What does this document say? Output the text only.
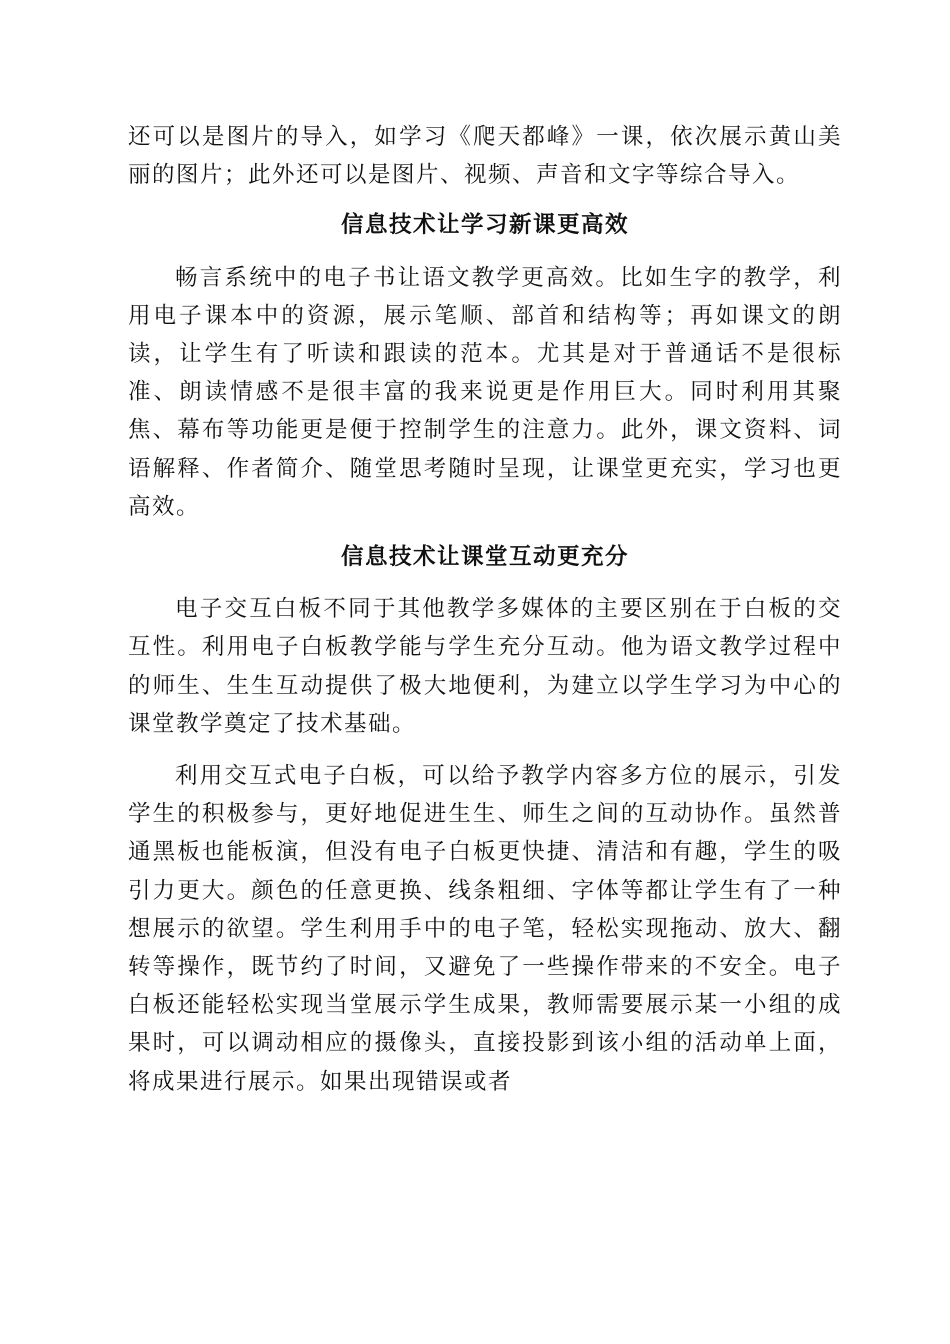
还可以是图片的导入，如学习《爬天都峰》一课，依次展示黄山美丽的图片；此外还可以是图片、视频、声音和文字等综合导入。

信息技术让学习新课更高效

畅言系统中的电子书让语文教学更高效。比如生字的教学，利用电子课本中的资源，展示笔顺、部首和结构等；再如课文的朗读，让学生有了听读和跟读的范本。尤其是对于普通话不是很标准、朗读情感不是很丰富的我来说更是作用巨大。同时利用其聚焦、幕布等功能更是便于控制学生的注意力。此外，课文资料、词语解释、作者简介、随堂思考随时呈现，让课堂更充实，学习也更高效。

信息技术让课堂互动更充分

电子交互白板不同于其他教学多媒体的主要区别在于白板的交互性。利用电子白板教学能与学生充分互动。他为语文教学过程中的师生、生生互动提供了极大地便利，为建立以学生学习为中心的课堂教学奠定了技术基础。

利用交互式电子白板，可以给予教学内容多方位的展示，引发学生的积极参与，更好地促进生生、师生之间的互动协作。虽然普通黑板也能板演，但没有电子白板更快捷、清洁和有趣，学生的吸引力更大。颜色的任意更换、线条粗细、字体等都让学生有了一种想展示的欲望。学生利用手中的电子笔，轻松实现拖动、放大、翻转等操作，既节约了时间，又避免了一些操作带来的不安全。电子白板还能轻松实现当堂展示学生成果，教师需要展示某一小组的成果时，可以调动相应的摄像头，直接投影到该小组的活动单上面，将成果进行展示。如果出现错误或者
